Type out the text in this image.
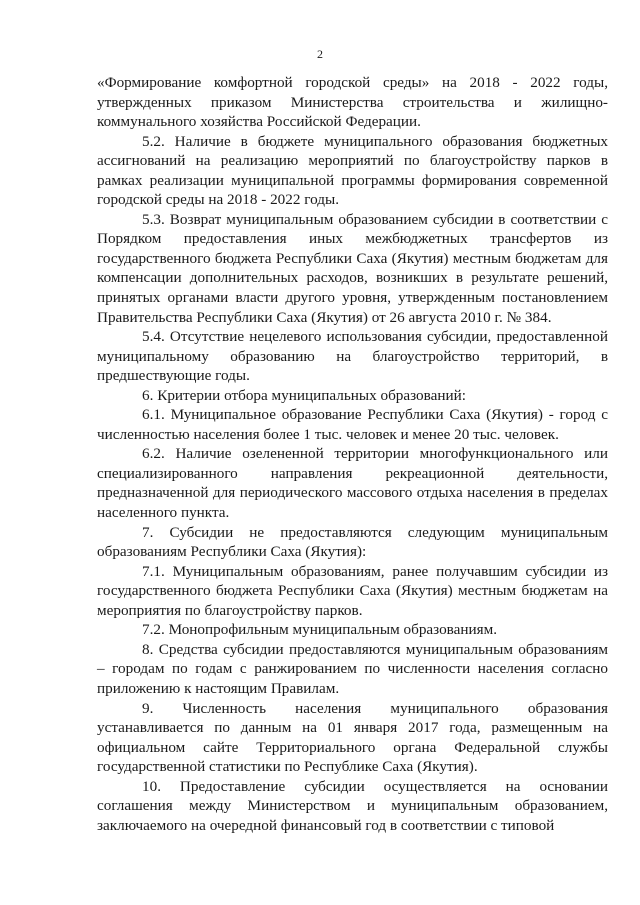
2

«Формирование комфортной городской среды» на 2018 - 2022 годы, утвержденных приказом Министерства строительства и жилищно-коммунального хозяйства Российской Федерации.

5.2. Наличие в бюджете муниципального образования бюджетных ассигнований на реализацию мероприятий по благоустройству парков в рамках реализации муниципальной программы формирования современной городской среды на 2018 - 2022 годы.

5.3. Возврат муниципальным образованием субсидии в соответствии с Порядком предоставления иных межбюджетных трансфертов из государственного бюджета Республики Саха (Якутия) местным бюджетам для компенсации дополнительных расходов, возникших в результате решений, принятых органами власти другого уровня, утвержденным постановлением Правительства Республики Саха (Якутия) от 26 августа 2010 г. № 384.

5.4. Отсутствие нецелевого использования субсидии, предоставленной муниципальному образованию на благоустройство территорий, в предшествующие годы.

6. Критерии отбора муниципальных образований:

6.1. Муниципальное образование Республики Саха (Якутия) - город с численностью населения более 1 тыс. человек и менее 20 тыс. человек.

6.2. Наличие озелененной территории многофункционального или специализированного направления рекреационной деятельности, предназначенной для периодического массового отдыха населения в пределах населенного пункта.

7. Субсидии не предоставляются следующим муниципальным образованиям Республики Саха (Якутия):

7.1. Муниципальным образованиям, ранее получавшим субсидии из государственного бюджета Республики Саха (Якутия) местным бюджетам на мероприятия по благоустройству парков.

7.2. Монопрофильным муниципальным образованиям.

8. Средства субсидии предоставляются муниципальным образованиям – городам по годам с ранжированием по численности населения согласно приложению к настоящим Правилам.

9. Численность населения муниципального образования устанавливается по данным на 01 января 2017 года, размещенным на официальном сайте Территориального органа Федеральной службы государственной статистики по Республике Саха (Якутия).

10. Предоставление субсидии осуществляется на основании соглашения между Министерством и муниципальным образованием, заключаемого на очередной финансовый год в соответствии с типовой
